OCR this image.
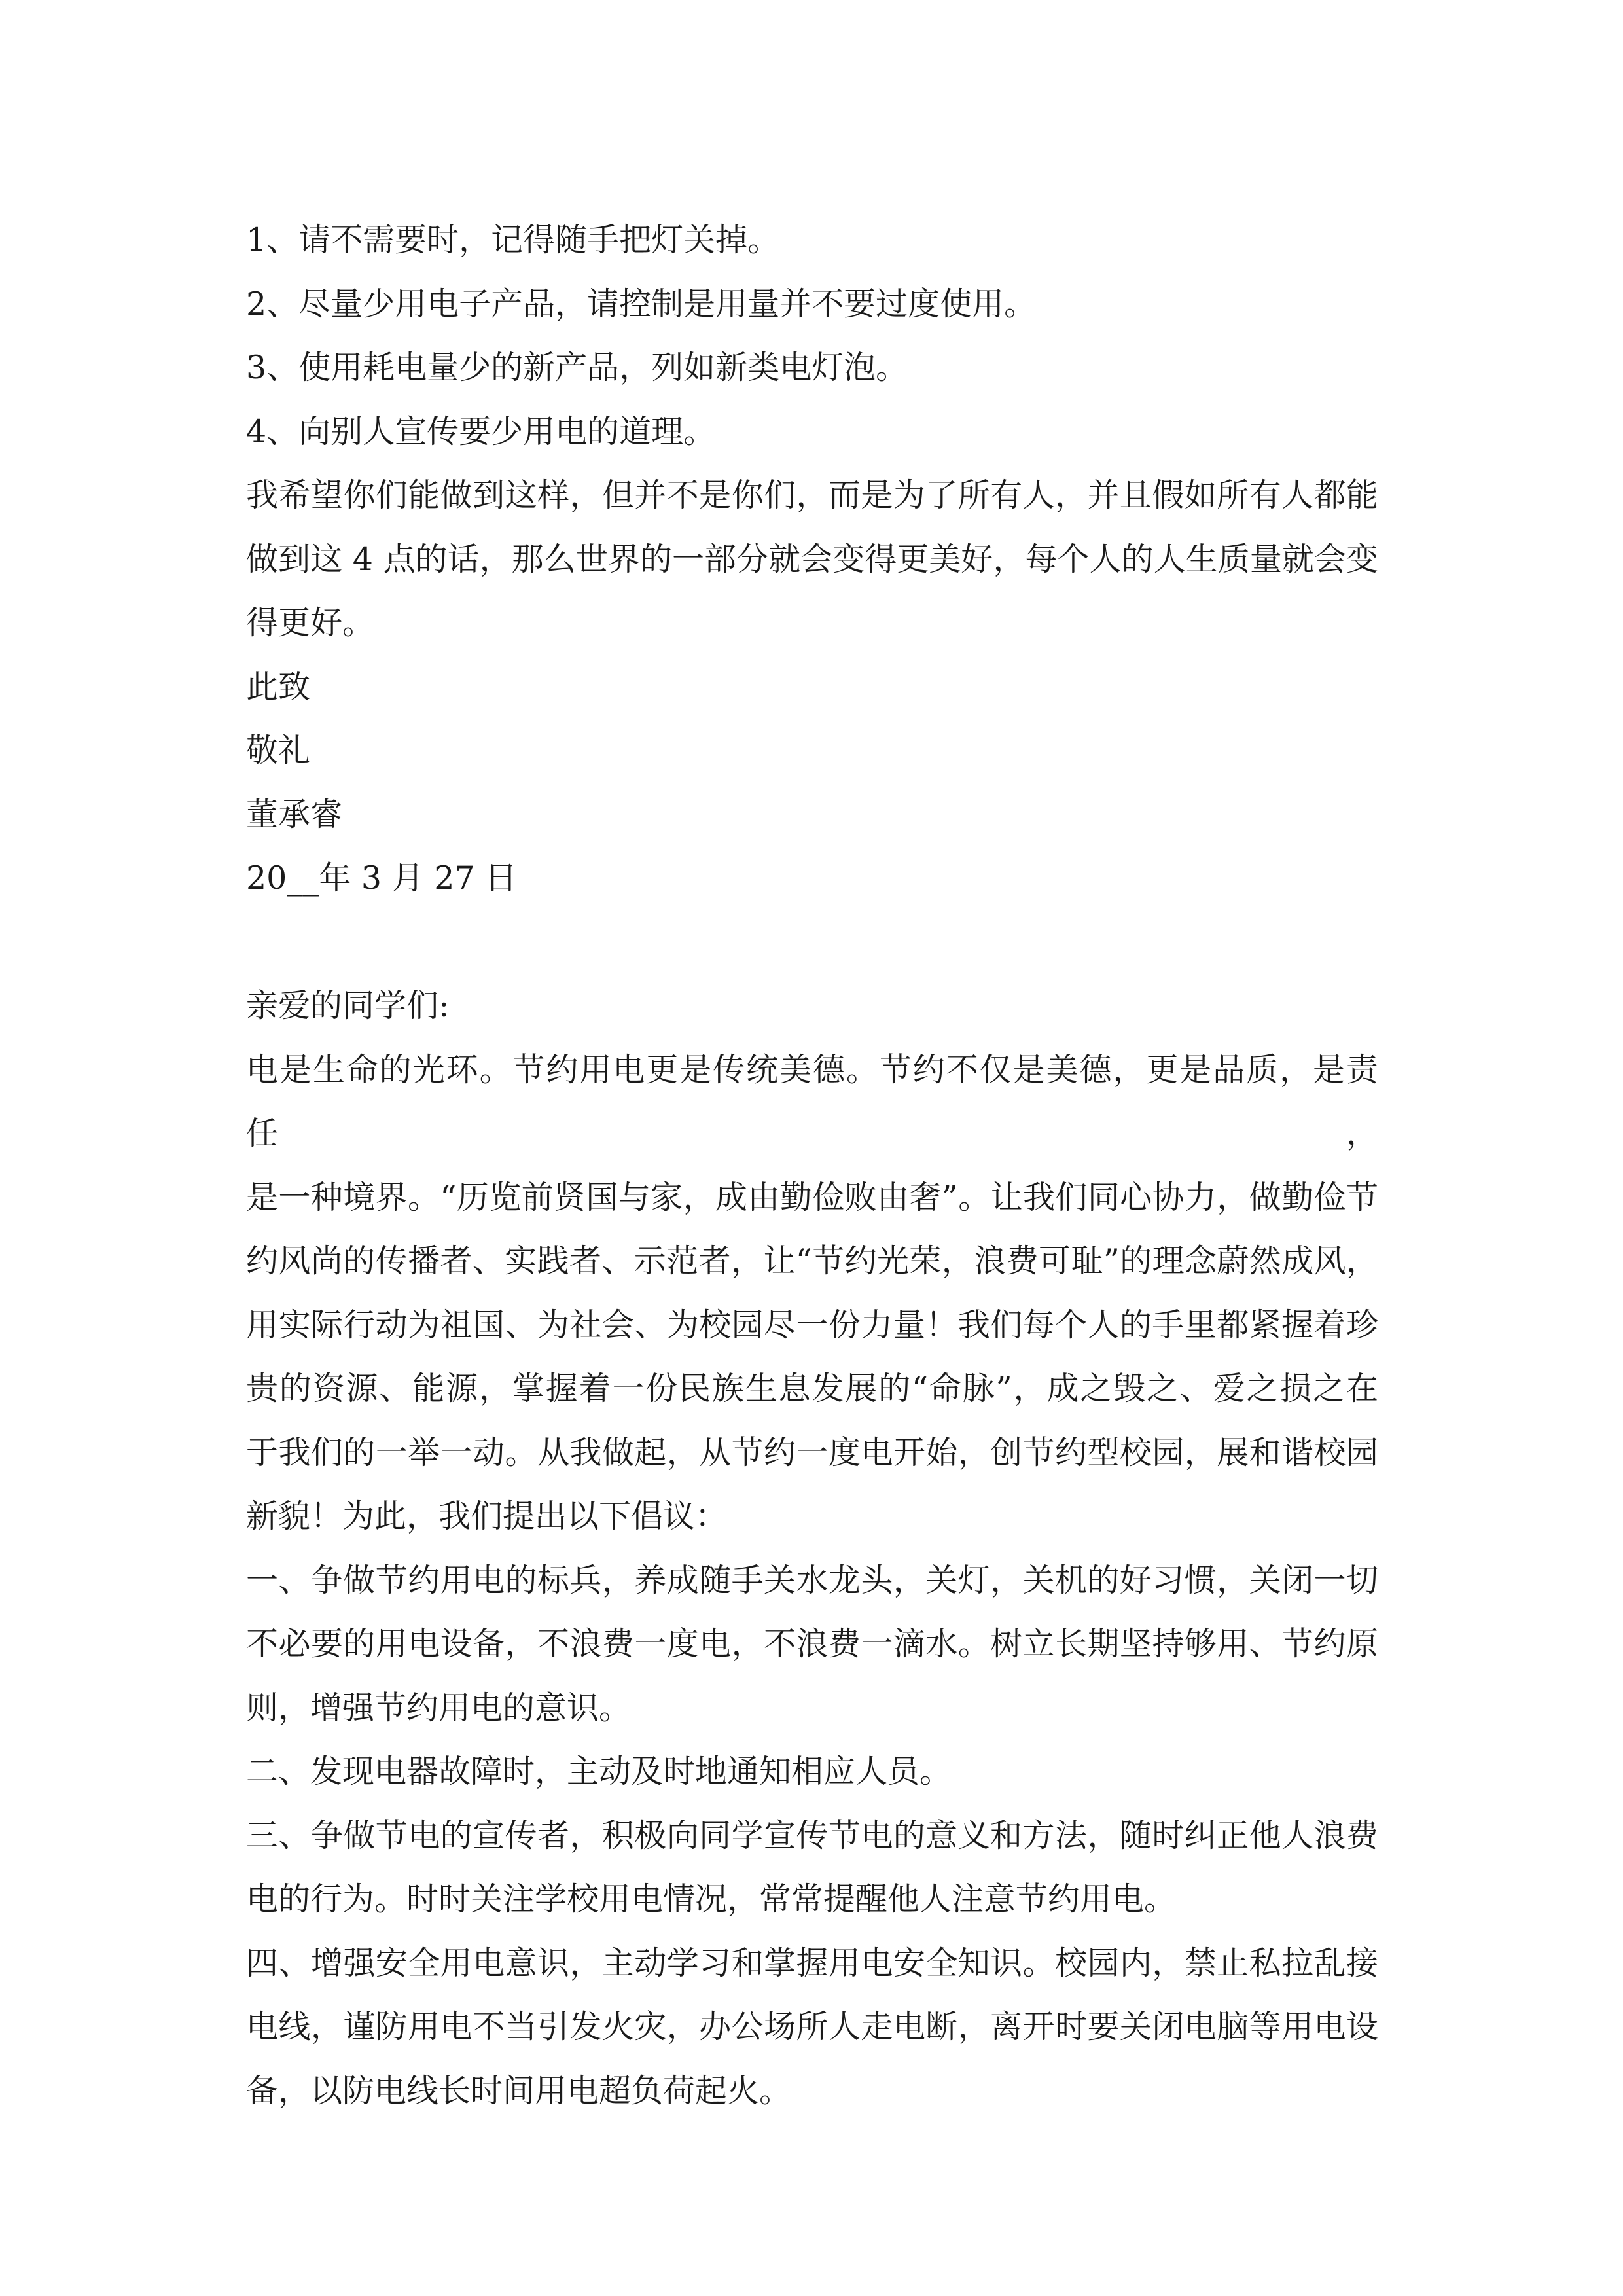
1、请不需要时，记得随手把灯关掉。
2、尽量少用电子产品，请控制是用量并不要过度使用。
3、使用耗电量少的新产品，列如新类电灯泡。
4、向别人宣传要少用电的道理。
我希望你们能做到这样，但并不是你们，而是为了所有人，并且假如所有人都能
做到这 4 点的话，那么世界的一部分就会变得更美好，每个人的人生质量就会变
得更好。
此致
敬礼
董承睿
20__年 3 月 27 日
亲爱的同学们:
电是生命的光环。节约用电更是传统美德。节约不仅是美德，更是品质，是责任，
是一种境界。“历览前贤国与家，成由勤俭败由奢”。让我们同心协力，做勤俭节
约风尚的传播者、实践者、示范者，让“节约光荣，浪费可耻”的理念蔚然成风，
用实际行动为祖国、为社会、为校园尽一份力量！我们每个人的手里都紧握着珍
贵的资源、能源，掌握着一份民族生息发展的“命脉”，成之毁之、爱之损之在
于我们的一举一动。从我做起，从节约一度电开始，创节约型校园，展和谐校园
新貌！为此，我们提出以下倡议：
一、争做节约用电的标兵，养成随手关水龙头，关灯，关机的好习惯，关闭一切
不必要的用电设备，不浪费一度电，不浪费一滴水。树立长期坚持够用、节约原
则，增强节约用电的意识。
二、发现电器故障时，主动及时地通知相应人员。
三、争做节电的宣传者，积极向同学宣传节电的意义和方法，随时纠正他人浪费
电的行为。时时关注学校用电情况，常常提醒他人注意节约用电。
四、增强安全用电意识，主动学习和掌握用电安全知识。校园内，禁止私拉乱接
电线，谨防用电不当引发火灾，办公场所人走电断，离开时要关闭电脑等用电设
备，以防电线长时间用电超负荷起火。
